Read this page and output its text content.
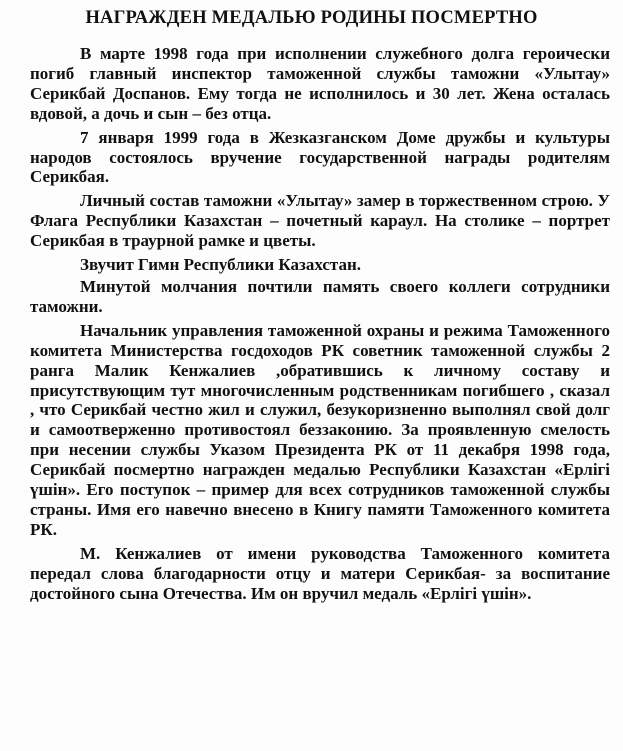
НАГРАЖДЕН МЕДАЛЬЮ РОДИНЫ ПОСМЕРТНО

В марте 1998 года при исполнении служебного долга героически погиб главный инспектор таможенной службы таможни «Улытау» Серикбай Доспанов. Ему тогда не исполнилось и 30 лет. Жена осталась вдовой, а дочь и сын – без отца.

7 января 1999 года в Жезказганском Доме дружбы и культуры народов состоялось вручение государственной награды родителям Серикбая.

Личный состав таможни «Улытау» замер в торжественном строю. У Флага Республики Казахстан – почетный караул. На столике – портрет Серикбая в траурной рамке и цветы.

Звучит Гимн Республики Казахстан.

Минутой молчания почтили память своего коллеги сотрудники таможни.

Начальник управления таможенной охраны и режима Таможенного комитета Министерства госдоходов РК советник таможенной службы 2 ранга Малик Кенжалиев ,обратившись к личному составу и присутствующим тут многочисленным родственникам погибшего , сказал , что Серикбай честно жил и служил, безукоризненно выполнял свой долг и самоотверженно противостоял беззаконию. За проявленную смелость при несении службы Указом Президента РК от 11 декабря 1998 года, Серикбай посмертно награжден медалью Республики Казахстан «Ерлігі үшін». Его поступок – пример для всех сотрудников таможенной службы страны. Имя его навечно внесено в Книгу памяти Таможенного комитета РК.

М. Кенжалиев от имени руководства Таможенного комитета передал слова благодарности отцу и матери Серикбая- за воспитание достойного сына Отечества. Им он вручил медаль «Ерлігі үшін».
